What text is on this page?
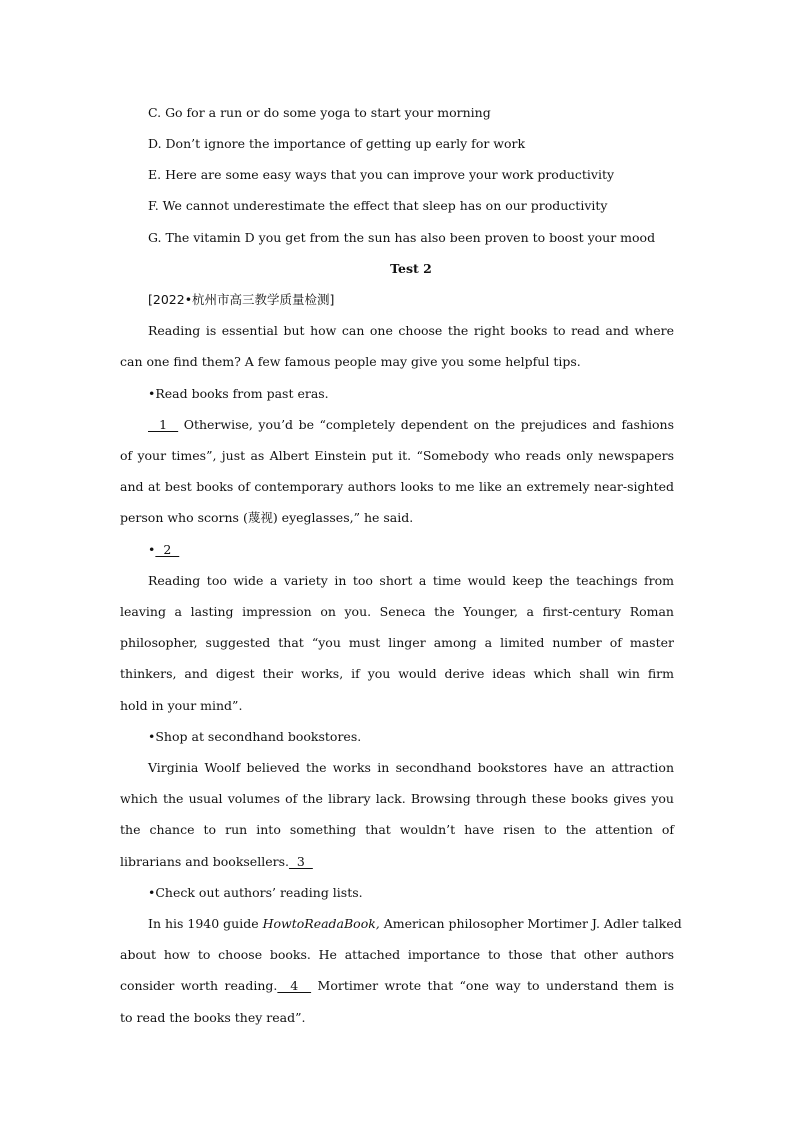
C. Go for a run or do some yoga to start your morning

D. Don’t ignore the importance of getting up early for work

E. Here are some easy ways that you can improve your work productivity

F. We cannot underestimate the effect that sleep has on our productivity

G. The vitamin D you get from the sun has also been proven to boost your mood

Test 2

[2022•杭州市高三教学质量检测]

Reading is essential but how can one choose the right books to read and where

can one find them? A few famous people may give you some helpful tips.

•Read books from past eras.

1   Otherwise, you’d be “completely dependent on the prejudices and fashions

of your times”, just as Albert Einstein put it. “Somebody who reads only newspapers

and at best books of contemporary authors looks to me like an extremely near-sighted

person who scorns (蔑视) eyeglasses,” he said.

•  2

Reading too wide a variety in too short a time would keep the teachings from

leaving a lasting impression on you. Seneca the Younger, a first-century Roman

philosopher, suggested that “you must linger among a limited number of master

thinkers, and digest their works, if you would derive ideas which shall win firm

hold in your mind”.

•Shop at secondhand bookstores.

Virginia Woolf believed the works in secondhand bookstores have an attraction

which the usual volumes of the library lack. Browsing through these books gives you

the chance to run into something that wouldn’t have risen to the attention of

librarians and booksellers.  3

•Check out authors’ reading lists.

In his 1940 guide HowtoReadaBook, American philosopher Mortimer J. Adler talked

about how to choose books. He attached importance to those that other authors

consider worth reading.  4   Mortimer wrote that “one way to understand them is

to read the books they read”.
